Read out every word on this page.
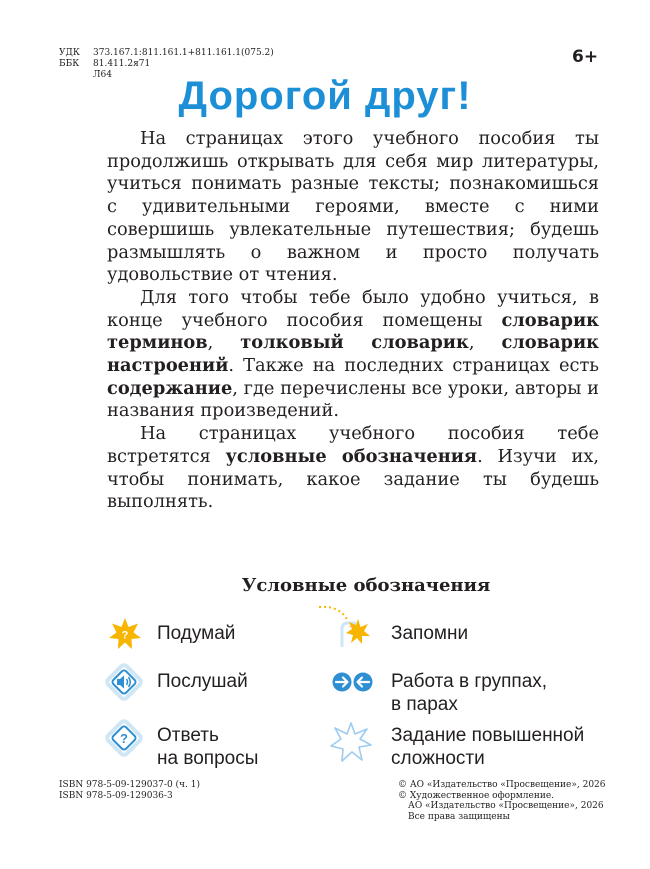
УДК 373.167.1:811.161.1+811.161.1(075.2)
ББК 81.411.2я71
Л64
6+
Дорогой друг!

На страницах этого учебного пособия ты продолжишь открывать для себя мир литературы, учиться понимать разные тексты; познакомишься с удивительными героями, вместе с ними совершишь увлекательные путешествия; будешь размышлять о важном и просто получать удовольствие от чтения.

Для того чтобы тебе было удобно учиться, в конце учебного пособия помещены словарик терминов, толковый словарик, словарик настроений. Также на последних страницах есть содержание, где перечислены все уроки, авторы и названия произведений.

На страницах учебного пособия тебе встретятся условные обозначения. Изучи их, чтобы понимать, какое задание ты будешь выполнять.

Условные обозначения
? Подумай	Запомни
Послушай	Работа в группах,
в парах
? Ответь
на вопросы
Задание повышенной
сложности
ISBN 978-5-09-129037-0 (ч. 1)
ISBN 978-5-09-129036-3
© АО «Издательство «Просвещение», 2026
© Художественное оформление.
АО «Издательство «Просвещение», 2026
Все права защищены
